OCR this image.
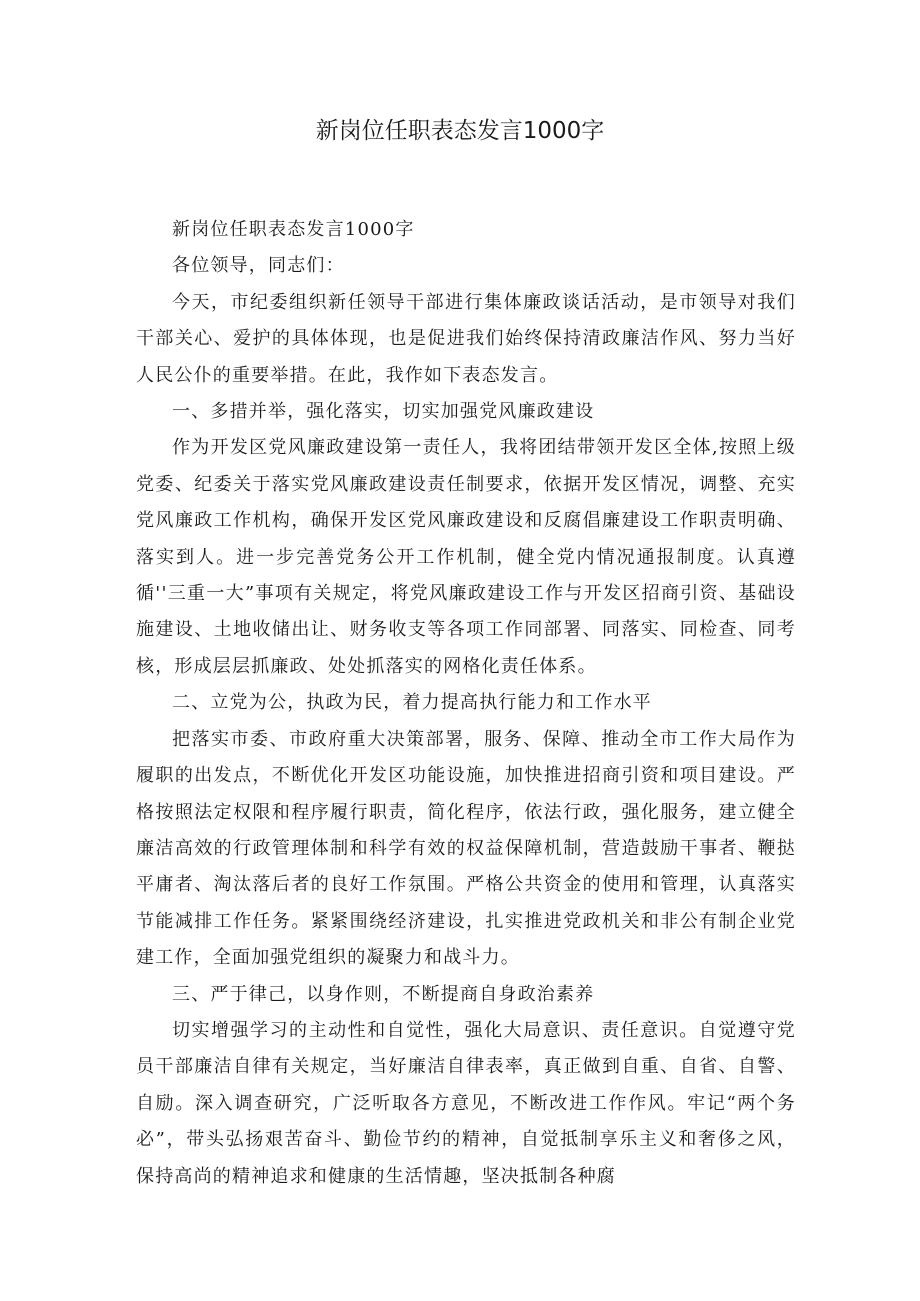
新岗位任职表态发言1000字

新岗位任职表态发言1000字

各位领导，同志们：

今天，市纪委组织新任领导干部进行集体廉政谈话活动，是市领导对我们干部关心、爱护的具体体现，也是促进我们始终保持清政廉洁作风、努力当好人民公仆的重要举措。在此，我作如下表态发言。

一、多措并举，强化落实，切实加强党风廉政建设

作为开发区党风廉政建设第一责任人，我将团结带领开发区全体,按照上级党委、纪委关于落实党风廉政建设责任制要求，依据开发区情况，调整、充实党风廉政工作机构，确保开发区党风廉政建设和反腐倡廉建设工作职责明确、落实到人。进一步完善党务公开工作机制，健全党内情况通报制度。认真遵循''三重一大”事项有关规定，将党风廉政建设工作与开发区招商引资、基础设施建设、土地收储出让、财务收支等各项工作同部署、同落实、同检查、同考核，形成层层抓廉政、处处抓落实的网格化责任体系。

二、立党为公，执政为民，着力提高执行能力和工作水平

把落实市委、市政府重大决策部署，服务、保障、推动全市工作大局作为履职的出发点，不断优化开发区功能设施，加快推进招商引资和项目建设。严格按照法定权限和程序履行职责，简化程序，依法行政，强化服务，建立健全廉洁高效的行政管理体制和科学有效的权益保障机制，营造鼓励干事者、鞭挞平庸者、淘汰落后者的良好工作氛围。严格公共资金的使用和管理，认真落实节能减排工作任务。紧紧围绕经济建设，扎实推进党政机关和非公有制企业党建工作，全面加强党组织的凝聚力和战斗力。

三、严于律己，以身作则，不断提商自身政治素养

切实增强学习的主动性和自觉性，强化大局意识、责任意识。自觉遵守党员干部廉洁自律有关规定，当好廉洁自律表率，真正做到自重、自省、自警、自励。深入调查研究，广泛听取各方意见，不断改进工作作风。牢记“两个务必”，带头弘扬艰苦奋斗、勤俭节约的精神，自觉抵制享乐主义和奢侈之风，保持高尚的精神追求和健康的生活情趣，坚决抵制各种腐
